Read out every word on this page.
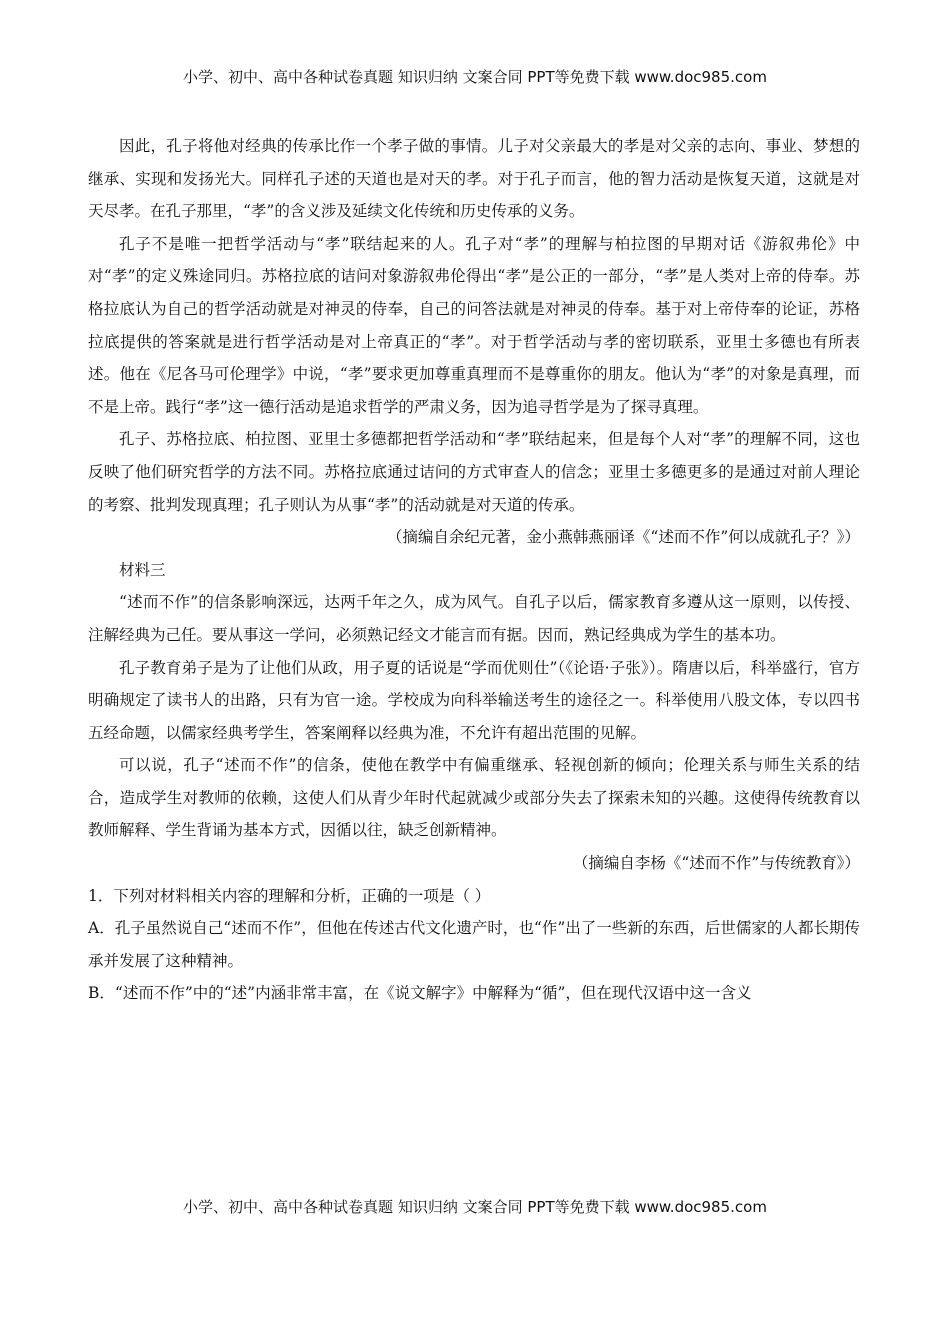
小学、初中、高中各种试卷真题 知识归纳 文案合同 PPT等免费下载 www.doc985.com

因此，孔子将他对经典的传承比作一个孝子做的事情。儿子对父亲最大的孝是对父亲的志向、事业、梦想的继承、实现和发扬光大。同样孔子述的天道也是对天的孝。对于孔子而言，他的智力活动是恢复天道，这就是对天尽孝。在孔子那里，“孝”的含义涉及延续文化传统和历史传承的义务。

孔子不是唯一把哲学活动与“孝”联结起来的人。孔子对“孝”的理解与柏拉图的早期对话《游叙弗伦》中对“孝”的定义殊途同归。苏格拉底的诘问对象游叙弗伦得出“孝”是公正的一部分，“孝”是人类对上帝的侍奉。苏格拉底认为自己的哲学活动就是对神灵的侍奉，自己的问答法就是对神灵的侍奉。基于对上帝侍奉的论证，苏格拉底提供的答案就是进行哲学活动是对上帝真正的“孝”。对于哲学活动与孝的密切联系，亚里士多德也有所表述。他在《尼各马可伦理学》中说，“孝”要求更加尊重真理而不是尊重你的朋友。他认为“孝”的对象是真理，而不是上帝。践行“孝”这一德行活动是追求哲学的严肃义务，因为追寻哲学是为了探寻真理。

孔子、苏格拉底、柏拉图、亚里士多德都把哲学活动和“孝”联结起来，但是每个人对“孝”的理解不同，这也反映了他们研究哲学的方法不同。苏格拉底通过诘问的方式审查人的信念；亚里士多德更多的是通过对前人理论的考察、批判发现真理；孔子则认为从事“孝”的活动就是对天道的传承。

（摘编自余纪元著，金小燕韩燕丽译《“述而不作”何以成就孔子？》）

材料三

“述而不作”的信条影响深远，达两千年之久，成为风气。自孔子以后，儒家教育多遵从这一原则，以传授、注解经典为己任。要从事这一学问，必须熟记经文才能言而有据。因而，熟记经典成为学生的基本功。

孔子教育弟子是为了让他们从政，用子夏的话说是“学而优则仕”（《论语·子张》）。隋唐以后，科举盛行，官方明确规定了读书人的出路，只有为官一途。学校成为向科举输送考生的途径之一。科举使用八股文体，专以四书五经命题，以儒家经典考学生，答案阐释以经典为准，不允许有超出范围的见解。

可以说，孔子“述而不作”的信条，使他在教学中有偏重继承、轻视创新的倾向；伦理关系与师生关系的结合，造成学生对教师的依赖，这使人们从青少年时代起就减少或部分失去了探索未知的兴趣。这使得传统教育以教师解释、学生背诵为基本方式，因循以往，缺乏创新精神。

（摘编自李杨《“述而不作”与传统教育》）

1．下列对材料相关内容的理解和分析，正确的一项是（ ）

A．孔子虽然说自己“述而不作”，但他在传述古代文化遗产时，也“作”出了一些新的东西，后世儒家的人都长期传承并发展了这种精神。

B．“述而不作”中的“述”内涵非常丰富，在《说文解字》中解释为“循”，但在现代汉语中这一含义

小学、初中、高中各种试卷真题 知识归纳 文案合同 PPT等免费下载 www.doc985.com
